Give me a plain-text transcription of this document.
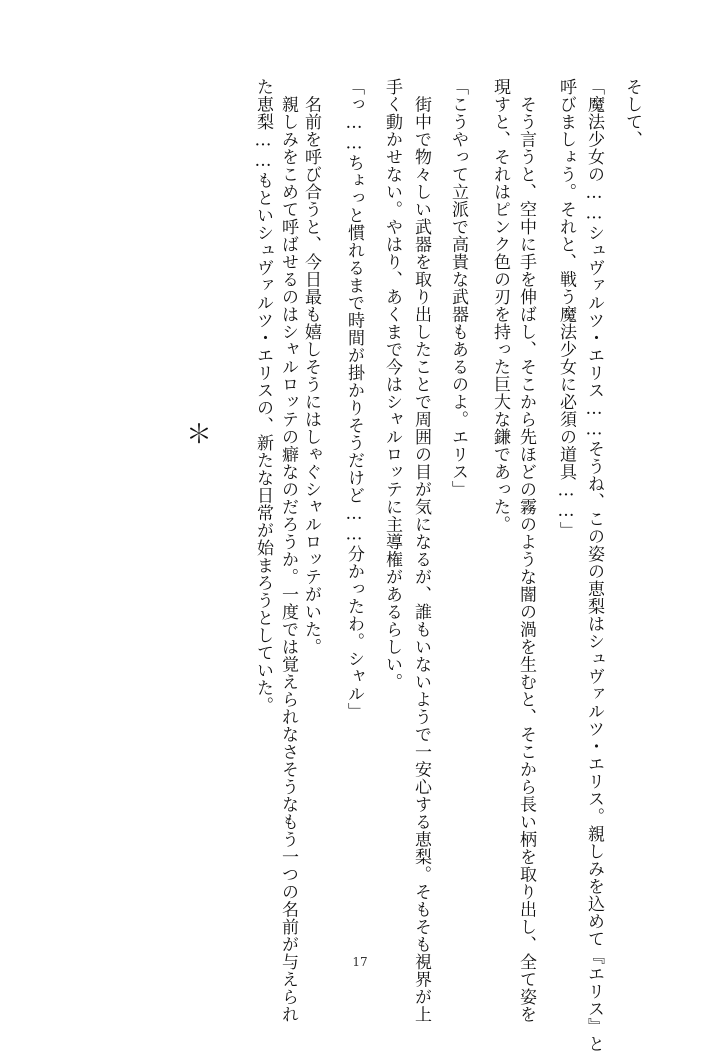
そして、
「魔法少女の……シュヴァルツ・エリス……そうね、この姿の恵梨はシュヴァルツ・エリス。親しみを込めて『エリス』と
呼びましょう。それと、戦う魔法少女に必須の道具……」
　そう言うと、空中に手を伸ばし、そこから先ほどの霧のような闇の渦を生むと、そこから長い柄を取り出し、全て姿を
現すと、それはピンク色の刃を持った巨大な鎌であった。
「こうやって立派で高貴な武器もあるのよ。エリス」
　街中で物々しい武器を取り出したことで周囲の目が気になるが、誰もいないようで一安心する恵梨。そもそも視界が上
手く動かせない。やはり、あくまで今はシャルロッテに主導権があるらしい。
「っ……ちょっと慣れるまで時間が掛かりそうだけど……分かったわ。シャル」
　名前を呼び合うと、今日最も嬉しそうにはしゃぐシャルロッテがいた。
　親しみをこめて呼ばせるのはシャルロッテの癖なのだろうか。一度では覚えられなさそうなもう一つの名前が与えられ
た恵梨……もといシュヴァルツ・エリスの、新たな日常が始まろうとしていた。
＊
17
